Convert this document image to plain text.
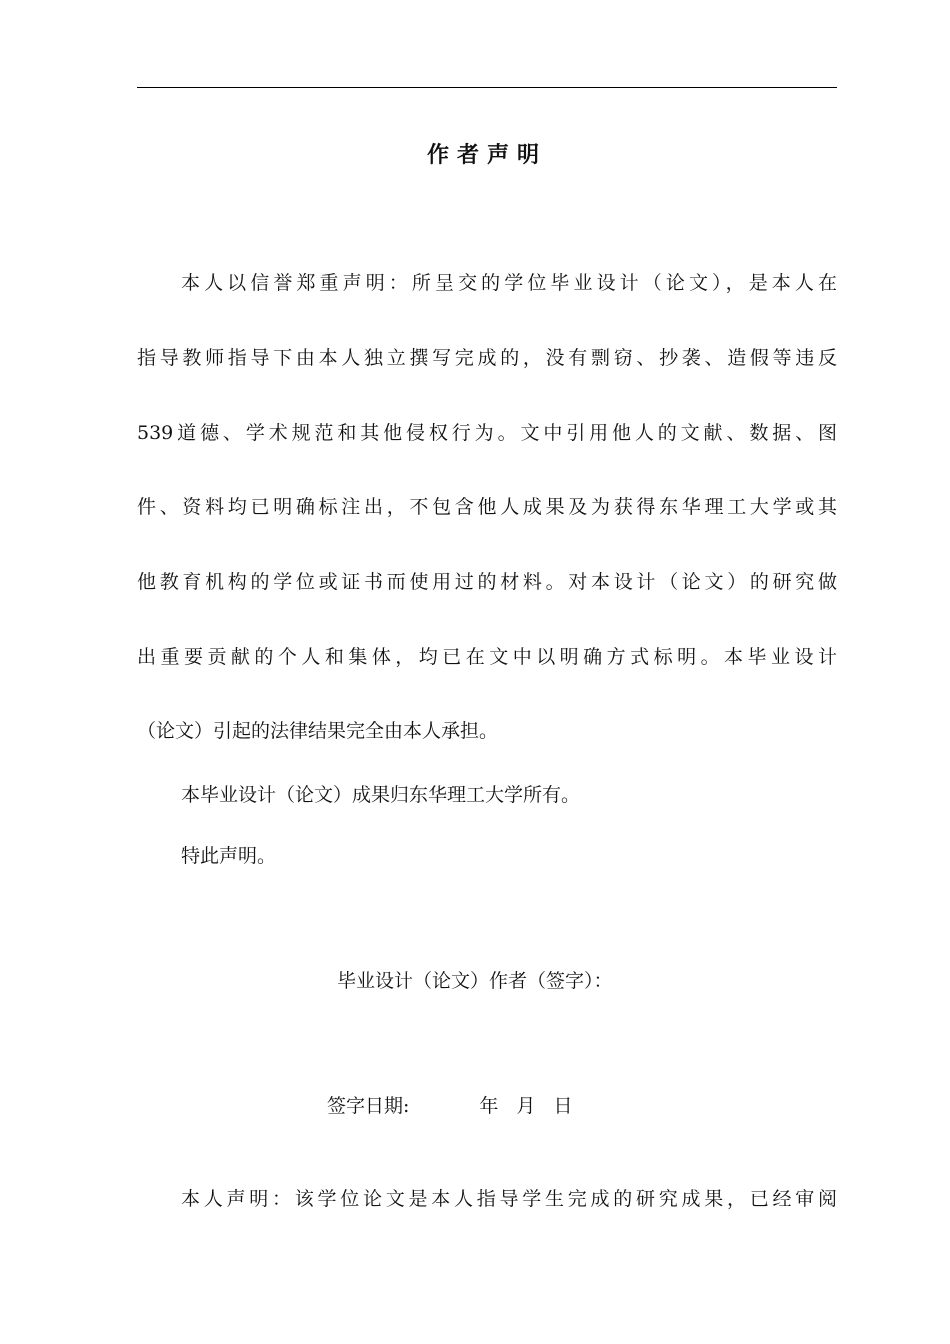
作者声明
本人以信誉郑重声明：所呈交的学位毕业设计（论文），是本人在
指导教师指导下由本人独立撰写完成的，没有剽窃、抄袭、造假等违反
539道德、学术规范和其他侵权行为。文中引用他人的文献、数据、图
件、资料均已明确标注出，不包含他人成果及为获得东华理工大学或其
他教育机构的学位或证书而使用过的材料。对本设计（论文）的研究做
出重要贡献的个人和集体，均已在文中以明确方式标明。本毕业设计
（论文）引起的法律结果完全由本人承担。
本毕业设计（论文）成果归东华理工大学所有。
特此声明。
毕业设计（论文）作者（签字）：
签字日期:	年 月 日
本人声明：该学位论文是本人指导学生完成的研究成果，已经审阅
